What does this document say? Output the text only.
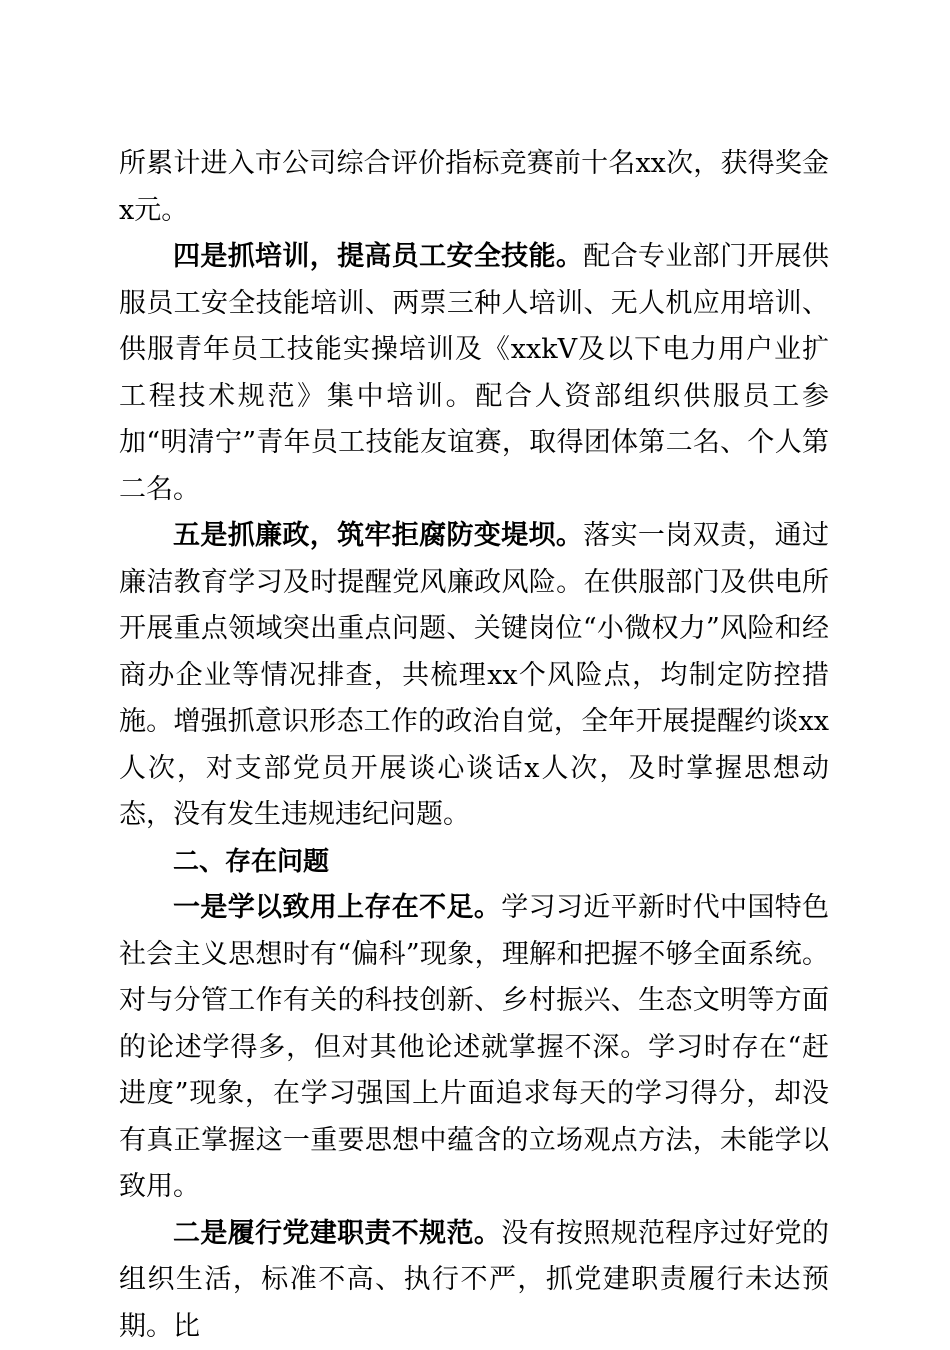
所累计进入市公司综合评价指标竞赛前十名xx次，获得奖金x元。

四是抓培训，提高员工安全技能。配合专业部门开展供服员工安全技能培训、两票三种人培训、无人机应用培训、供服青年员工技能实操培训及《xxkV及以下电力用户业扩工程技术规范》集中培训。配合人资部组织供服员工参加“明清宁”青年员工技能友谊赛，取得团体第二名、个人第二名。

五是抓廉政，筑牢拒腐防变堤坝。落实一岗双责，通过廉洁教育学习及时提醒党风廉政风险。在供服部门及供电所开展重点领域突出重点问题、关键岗位“小微权力”风险和经商办企业等情况排查，共梳理xx个风险点，均制定防控措施。增强抓意识形态工作的政治自觉，全年开展提醒约谈xx人次，对支部党员开展谈心谈话x人次，及时掌握思想动态，没有发生违规违纪问题。

二、存在问题

一是学以致用上存在不足。学习习近平新时代中国特色社会主义思想时有“偏科”现象，理解和把握不够全面系统。对与分管工作有关的科技创新、乡村振兴、生态文明等方面的论述学得多，但对其他论述就掌握不深。学习时存在“赶进度”现象，在学习强国上片面追求每天的学习得分，却没有真正掌握这一重要思想中蕴含的立场观点方法，未能学以致用。

二是履行党建职责不规范。没有按照规范程序过好党的组织生活，标准不高、执行不严，抓党建职责履行未达预期。比
